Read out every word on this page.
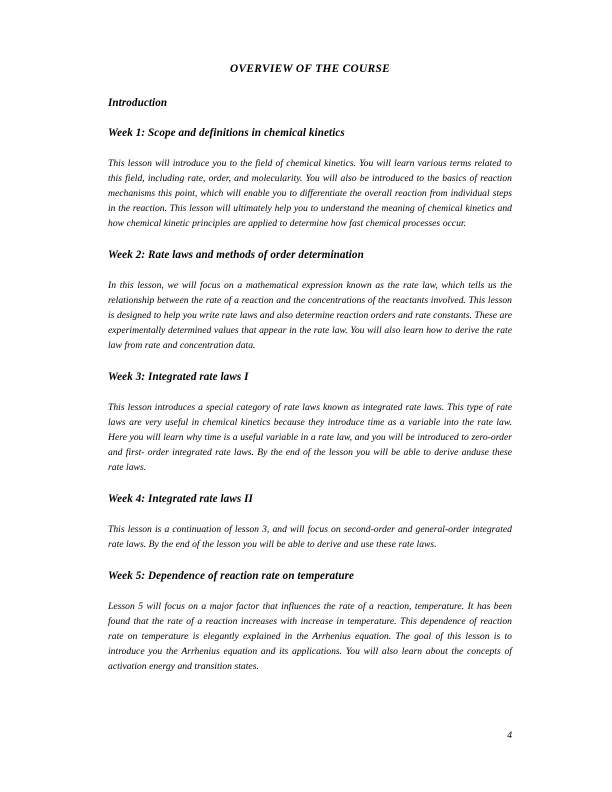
OVERVIEW OF THE COURSE
Introduction
Week 1: Scope and definitions in chemical kinetics

This lesson will introduce you to the field of chemical kinetics. You will learn various terms related to this field, including rate, order, and molecularity. You will also be introduced to the basics of reaction mechanisms this point, which will enable you to differentiate the overall reaction from individual steps in the reaction. This lesson will ultimately help you to understand the meaning of chemical kinetics and how chemical kinetic principles are applied to determine how fast chemical processes occur.

Week 2: Rate laws and methods of order determination

In this lesson, we will focus on a mathematical expression known as the rate law, which tells us the relationship between the rate of a reaction and the concentrations of the reactants involved. This lesson is designed to help you write rate laws and also determine reaction orders and rate constants. These are experimentally determined values that appear in the rate law. You will also learn how to derive the rate law from rate and concentration data.

Week 3: Integrated rate laws I

This lesson introduces a special category of rate laws known as integrated rate laws. This type of rate laws are very useful in chemical kinetics because they introduce time as a variable into the rate law. Here you will learn why time is a useful variable in a rate law, and you will be introduced to zero-order and first- order integrated rate laws. By the end of the lesson you will be able to derive anduse these rate laws.

Week 4: Integrated rate laws II

This lesson is a continuation of lesson 3, and will focus on second-order and general-order integrated rate laws. By the end of the lesson you will be able to derive and use these rate laws.

Week 5: Dependence of reaction rate on temperature

Lesson 5 will focus on a major factor that influences the rate of a reaction, temperature. It has been found that the rate of a reaction increases with increase in temperature. This dependence of reaction rate on temperature is elegantly explained in the Arrhenius equation. The goal of this lesson is to introduce you the Arrhenius equation and its applications. You will also learn about the concepts of activation energy and transition states.

4
